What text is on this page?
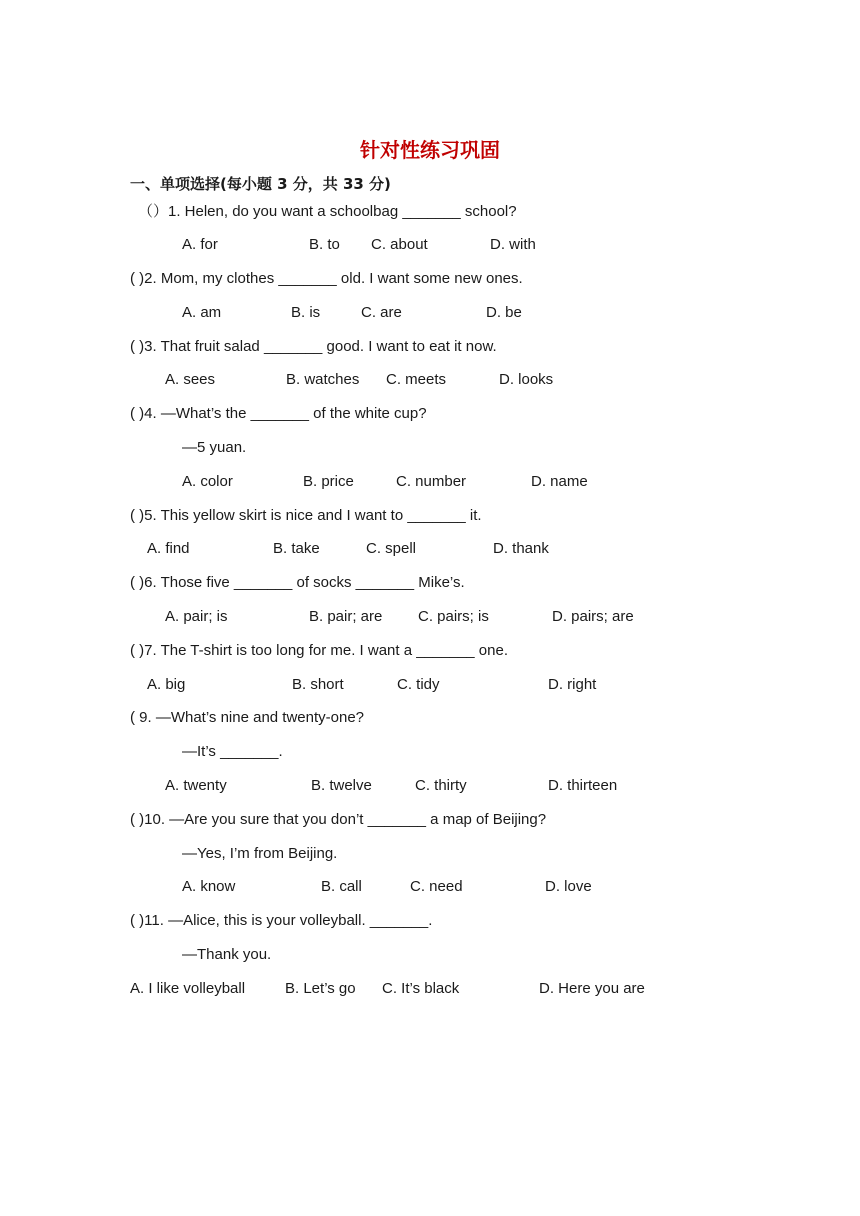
针对性练习巩固
一、单项选择(每小题 3 分，共 33 分)
（）1. Helen, do you want a schoolbag _______ school?
A. for	B. to C. about	D. with
( )2. Mom, my clothes _______ old. I want some new ones.
A. am	B. is	C. are	D. be
( )3. That fruit salad _______ good. I want to eat it now.
A. sees	B. watches C. meets	D. looks
( )4. —What’s the _______ of the white cup?
—5 yuan.
A. color	B. price	C. number	D. name
( )5. This yellow skirt is nice and I want to _______ it.
A. find	B. take	C. spell	D. thank
( )6. Those five _______ of socks _______ Mike’s.
A. pair; is	B. pair; are C. pairs; is	D. pairs; are
( )7. The T-shirt is too long for me. I want a _______ one.
A. big	B. short	C. tidy	D. right
( 9. —What’s nine and twenty-one?
—It’s _______.
A. twenty	B. twelve	C. thirty	D. thirteen
( )10. —Are you sure that you don’t _______ a map of Beijing?
—Yes, I’m from Beijing.
A. know	B. call	C. need	D. love
( )11. —Alice, this is your volleyball. _______.
—Thank you.
A. I like volleyball	B. Let’s go C. It’s black	D. Here you are
